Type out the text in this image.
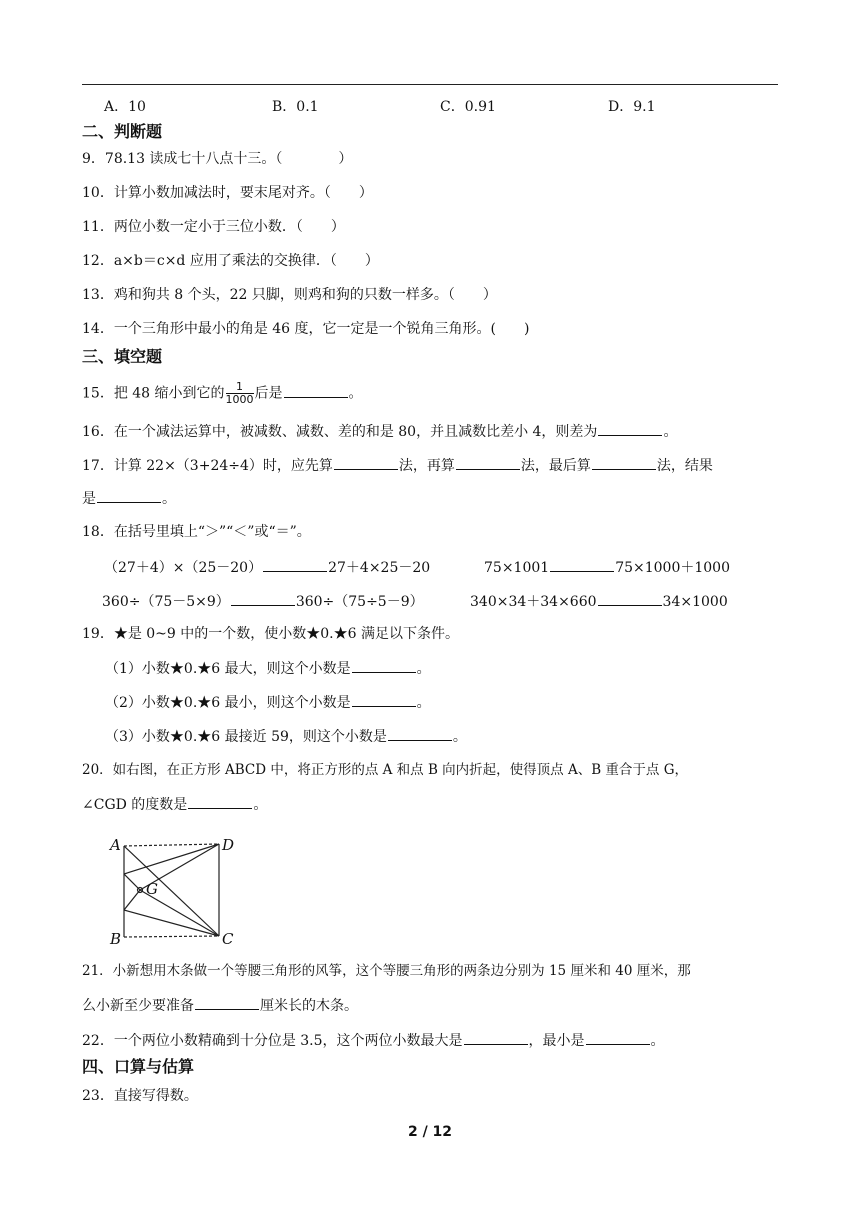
A．10	B．0.1	C．0.91	D．9.1
二、判断题
9．78.13 读成七十八点十三。（　　　　）
10．计算小数加减法时，要末尾对齐。（　　）
11．两位小数一定小于三位小数．（　　）
12．a×b＝c×d 应用了乘法的交换律．（　　）
13．鸡和狗共 8 个头，22 只脚，则鸡和狗的只数一样多。（　　）
14．一个三角形中最小的角是 46 度，它一定是一个锐角三角形。(　　)
三、填空题
15．把 48 缩小到它的 $\frac{1}{1000}$ 后是	。
16．在一个减法运算中，被减数、减数、差的和是 80，并且减数比差小 4，则差为	。
17．计算 22×（3+24÷4）时，应先算	法，再算	法，最后算	法，结果
是	。
18．在括号里填上“＞”“＜”或“＝”。
（27＋4）×（25－20）	27＋4×25－20	75×1001	75×1000＋1000
360÷（75－5×9）	360÷（75÷5－9）	340×34＋34×660	34×1000
19．★是 0~9 中的一个数，使小数★0.★6 满足以下条件。
（1）小数★0.★6 最大，则这个小数是	。
（2）小数★0.★6 最小，则这个小数是	。
（3）小数★0.★6 最接近 59，则这个小数是	。
20．如右图，在正方形 ABCD 中，将正方形的点 A 和点 B 向内折起，使得顶点 A、B 重合于点 G，
∠CGD 的度数是	。
A
B	C
D
G
21．小新想用木条做一个等腰三角形的风筝，这个等腰三角形的两条边分别为 15 厘米和 40 厘米，那
么小新至少要准备	厘米长的木条。
22．一个两位小数精确到十分位是 3.5，这个两位小数最大是	，最小是	。
四、口算与估算
23．直接写得数。
2 / 12
